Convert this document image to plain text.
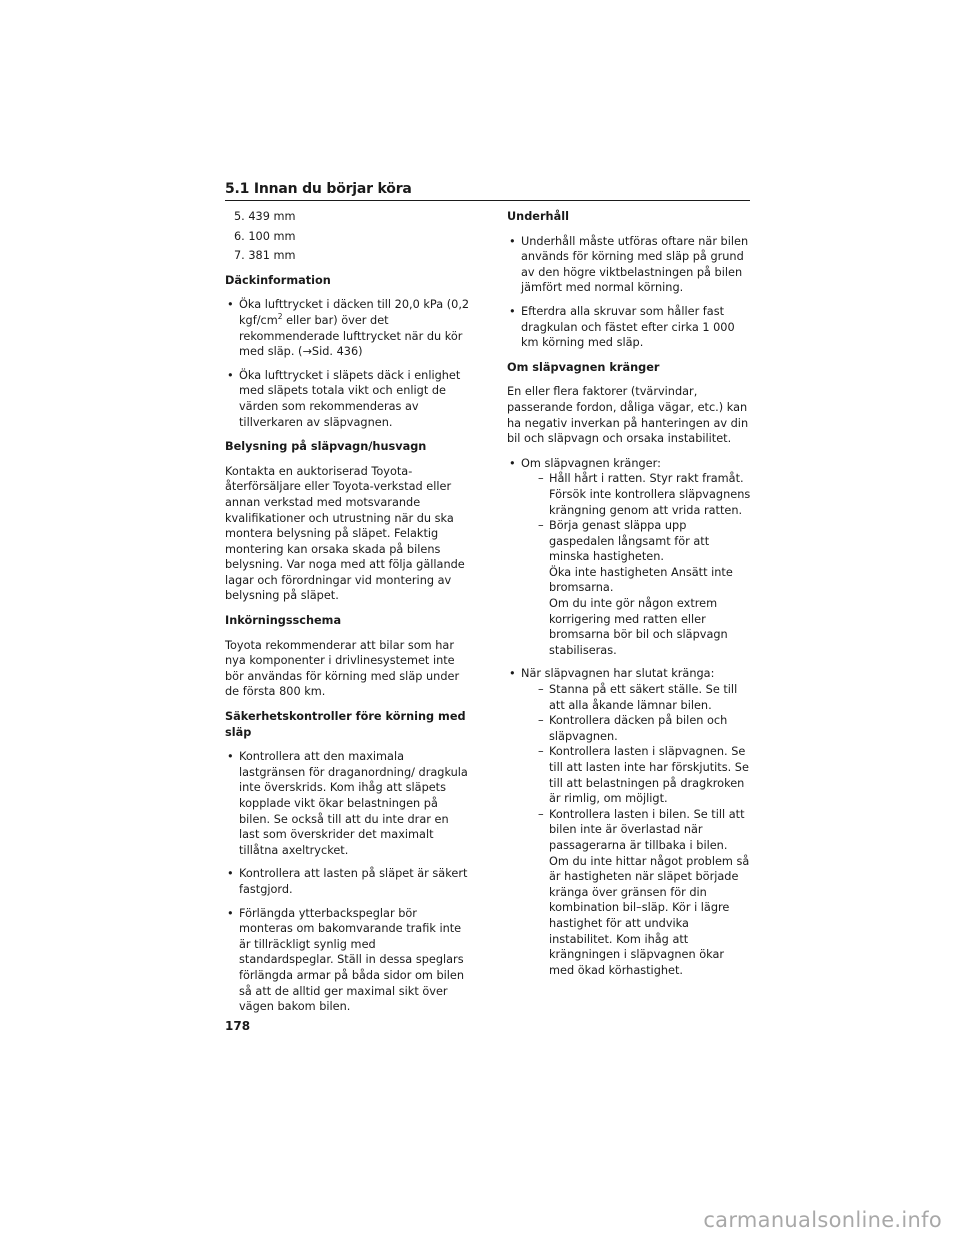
5.1 Innan du börjar köra
5. 439 mm
6. 100 mm
7. 381 mm
Däckinformation
• Öka lufttrycket i däcken till 20,0 kPa (0,2 kgf/$cm^2$ eller bar) över det rekommenderade lufttrycket när du kör med släp. (→Sid. 436)
• Öka lufttrycket i släpets däck i enlighet med släpets totala vikt och enligt de värden som rekommenderas av tillverkaren av släpvagnen.
Belysning på släpvagn/husvagn

Kontakta en auktoriserad Toyota-återförsäljare eller Toyota-verkstad eller annan verkstad med motsvarande kvalifikationer och utrustning när du ska montera belysning på släpet. Felaktig montering kan orsaka skada på bilens belysning. Var noga med att följa gällande lagar och förordningar vid montering av belysning på släpet.

Inkörningsschema

Toyota rekommenderar att bilar som har nya komponenter i drivlinesystemet inte bör användas för körning med släp under de första 800 km.

Säkerhetskontroller före körning med släp
• Kontrollera att den maximala lastgränsen för draganordning/ dragkula inte överskrids. Kom ihåg att släpets kopplade vikt ökar belastningen på bilen. Se också till att du inte drar en last som överskrider det maximalt tillåtna axeltrycket.
• Kontrollera att lasten på släpet är säkert fastgjord.
• Förlängda ytterbackspeglar bör monteras om bakomvarande trafik inte är tillräckligt synlig med standardspeglar. Ställ in dessa speglars förlängda armar på båda sidor om bilen så att de alltid ger maximal sikt över vägen bakom bilen.
Underhåll
• Underhåll måste utföras oftare när bilen används för körning med släp på grund av den högre viktbelastningen på bilen jämfört med normal körning.
• Efterdra alla skruvar som håller fast dragkulan och fästet efter cirka 1 000 km körning med släp.
Om släpvagnen kränger

En eller flera faktorer (tvärvindar, passerande fordon, dåliga vägar, etc.) kan ha negativ inverkan på hanteringen av din bil och släpvagn och orsaka instabilitet.

• Om släpvagnen kränger:
– Håll hårt i ratten. Styr rakt framåt. Försök inte kontrollera släpvagnens krängning genom att vrida ratten.
– Börja genast släppa upp gaspedalen långsamt för att minska hastigheten.
Öka inte hastigheten Ansätt inte bromsarna.
Om du inte gör någon extrem korrigering med ratten eller bromsarna bör bil och släpvagn stabiliseras.
• När släpvagnen har slutat kränga:
– Stanna på ett säkert ställe. Se till att alla åkande lämnar bilen.
– Kontrollera däcken på bilen och släpvagnen.
– Kontrollera lasten i släpvagnen. Se till att lasten inte har förskjutits. Se till att belastningen på dragkroken är rimlig, om möjligt.
– Kontrollera lasten i bilen. Se till att bilen inte är överlastad när passagerarna är tillbaka i bilen.
Om du inte hittar något problem så är hastigheten när släpet började kränga över gränsen för din kombination bil–släp. Kör i lägre hastighet för att undvika instabilitet. Kom ihåg att krängningen i släpvagnen ökar med ökad körhastighet.
178
carmanualsonline.info
